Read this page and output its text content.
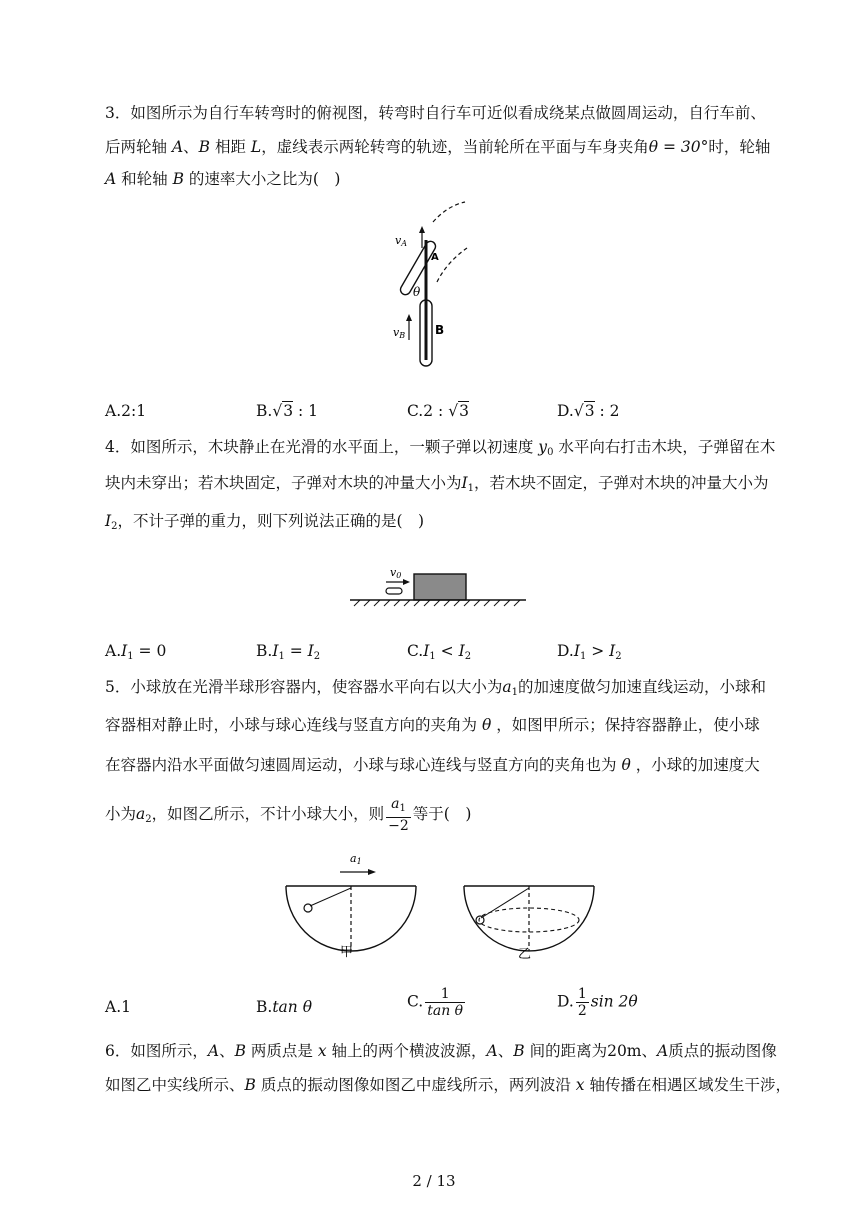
3．如图所示为自行车转弯时的俯视图，转弯时自行车可近似看成绕某点做圆周运动，自行车前、
后两轮轴 A、B 相距 L，虚线表示两轮转弯的轨迹，当前轮所在平面与车身夹角θ = 30°时，轮轴
A 和轮轴 B 的速率大小之比为(　)
vA
A
θ
vB B
A.2:1	B.√3 : 1	C.2 : √3	D.√3 : 2
4．如图所示，木块静止在光滑的水平面上，一颗子弹以初速度 $y_0$ 水平向右打击木块，子弹留在木
块内未穿出；若木块固定，子弹对木块的冲量大小为$I_1$，若木块不固定，子弹对木块的冲量大小为
$I_2$，不计子弹的重力，则下列说法正确的是(　)
v0
$A.I_1 = 0$	$B.I_1 = I_2$	$C.I_1 < I_2$	$D.I_1 > I_2$
5．小球放在光滑半球形容器内，使容器水平向右以大小为$a_1$的加速度做匀加速直线运动，小球和
容器相对静止时，小球与球心连线与竖直方向的夹角为 θ ，如图甲所示；保持容器静止，使小球
在容器内沿水平面做匀速圆周运动，小球与球心连线与竖直方向的夹角也为 θ ，小球的加速度大
小为$a_2$，如图乙所示，不计小球大小，则 $\frac{a_1}{-2}$ 等于(　)
a1
甲	乙
A.1	B.tan θ	C. $\frac{1}{\text{tan θ}}$	D. $\frac{1}{2}$ sin 2θ
6．如图所示，A、B 两质点是 x 轴上的两个横波波源，A、B 间的距离为20m、A质点的振动图像
如图乙中实线所示、B 质点的振动图像如图乙中虚线所示，两列波沿 x 轴传播在相遇区域发生干涉，
2 / 13
